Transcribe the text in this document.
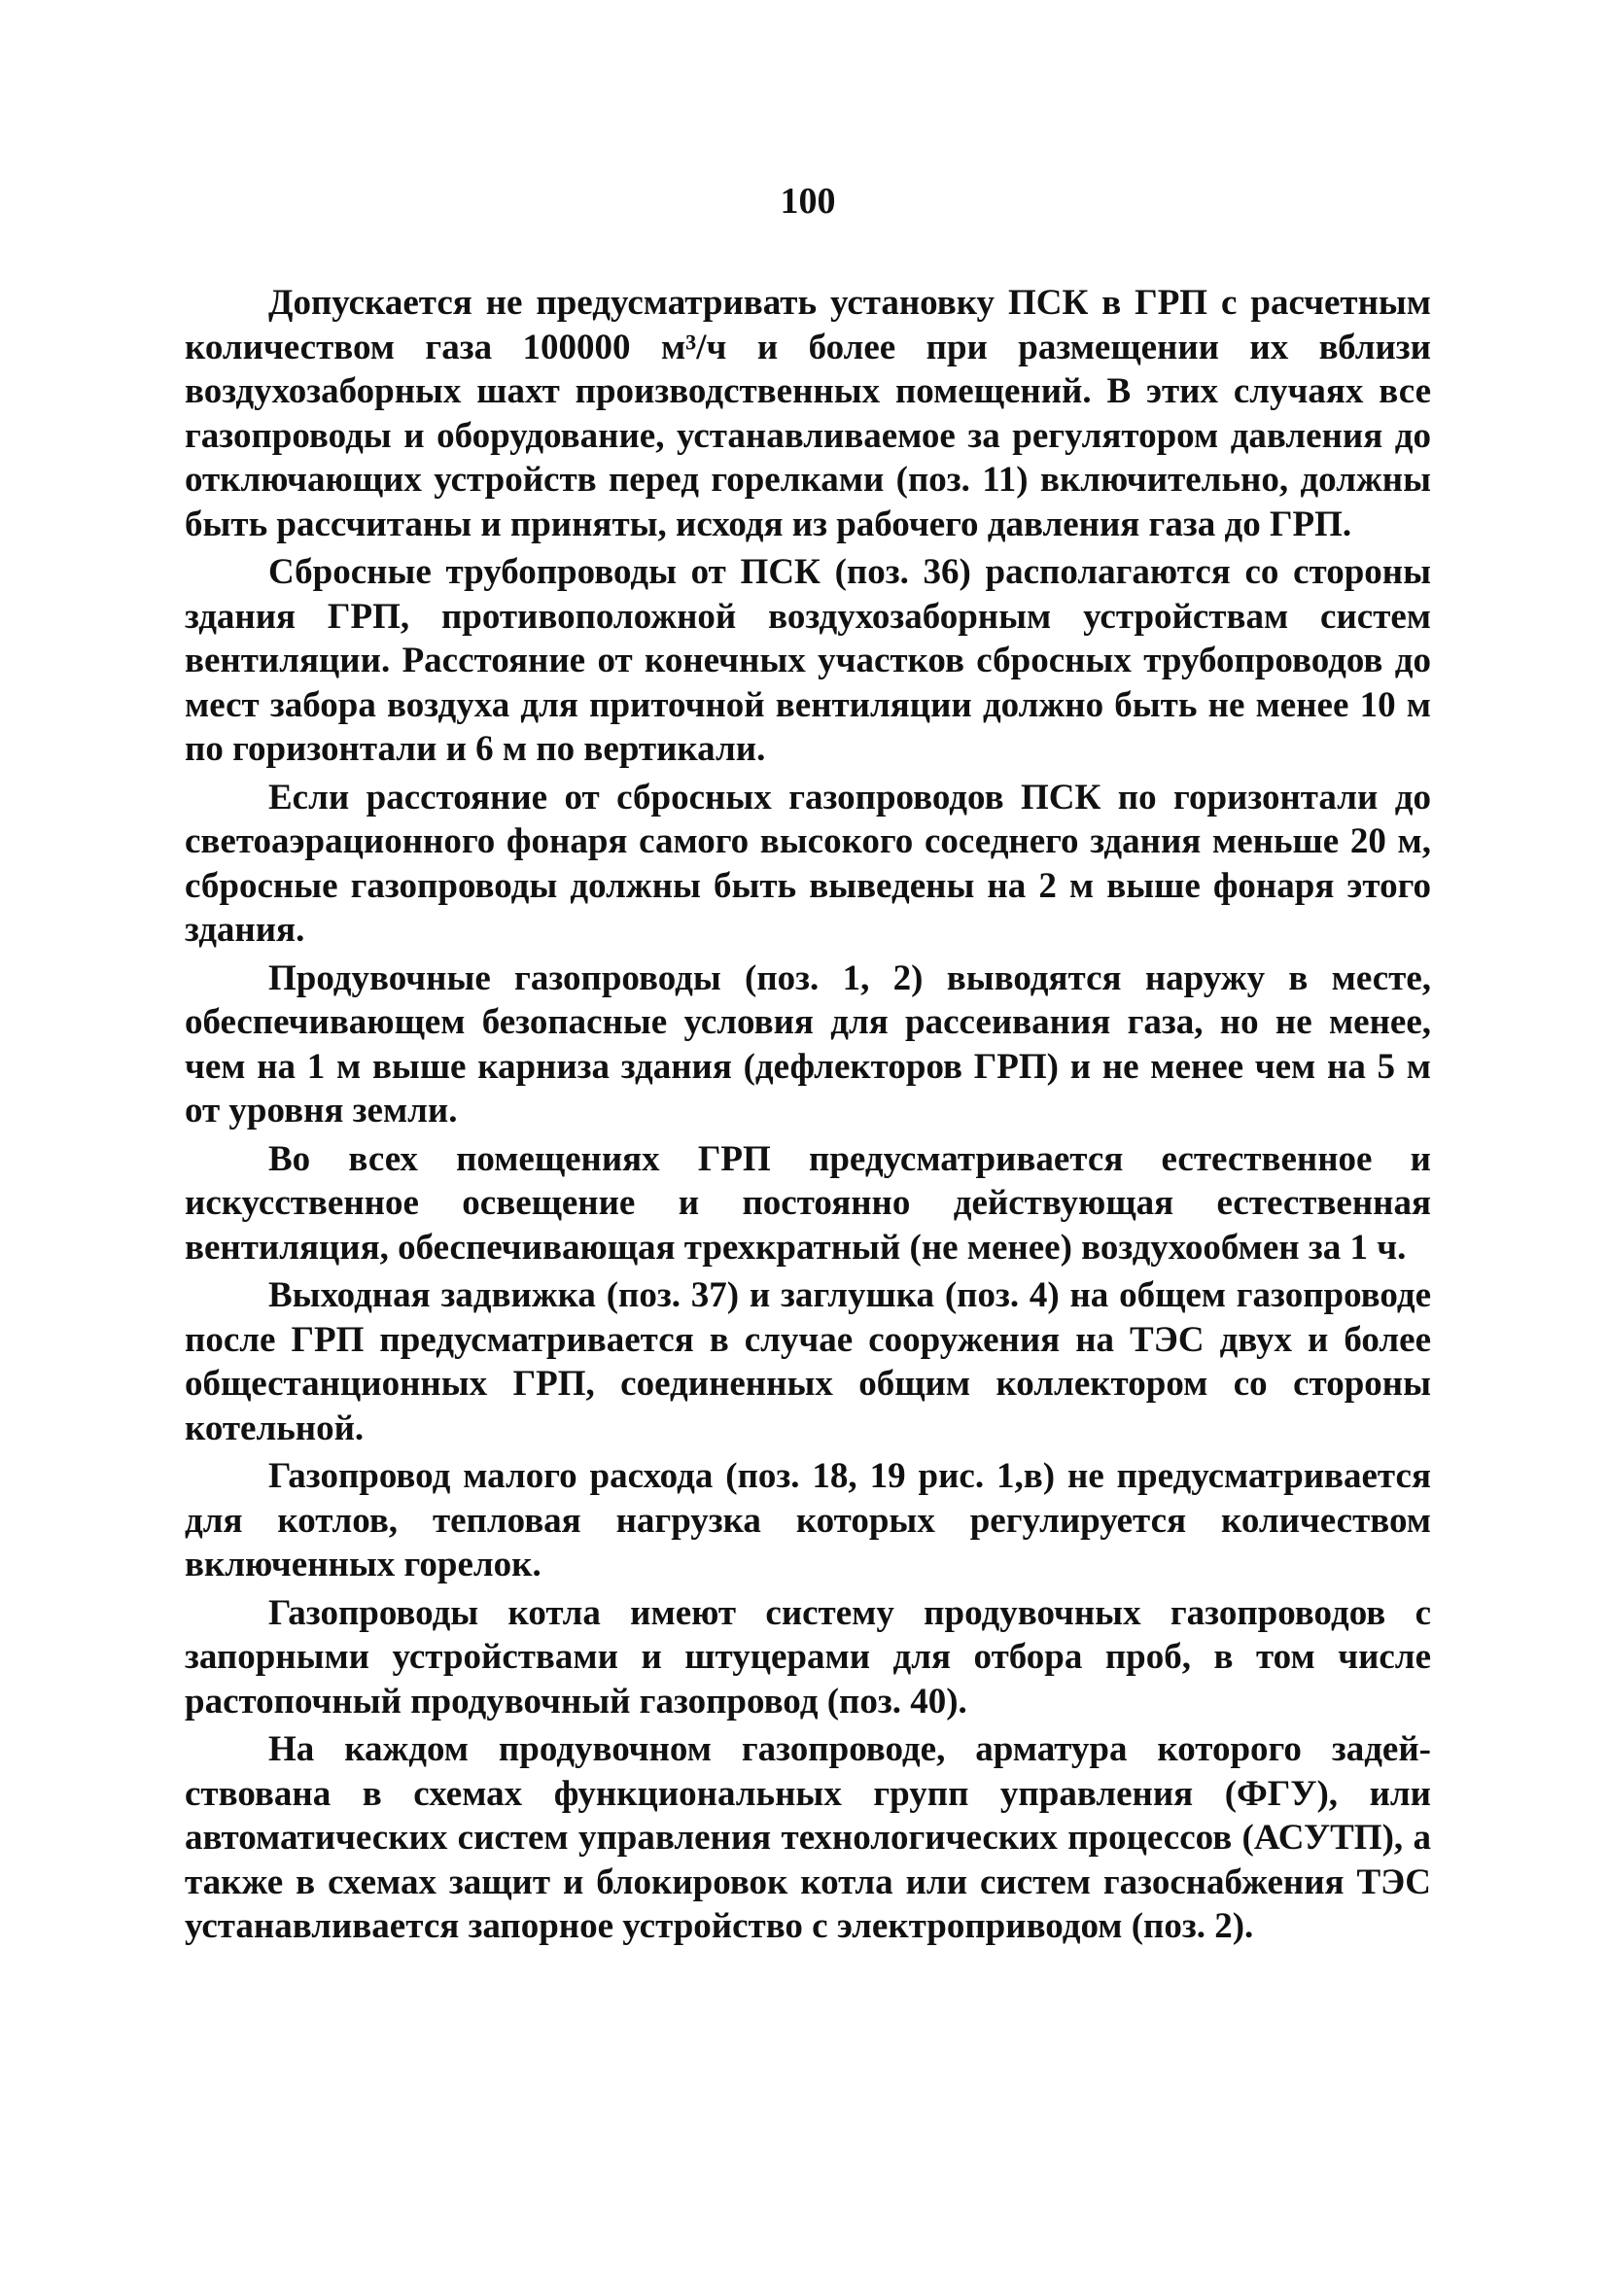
100

Допускается не предусматривать установку ПСК в ГРП с расчетным количеством газа 100000 м³/ч и более при размещении их вблизи воздухозаборных шахт производственных помещений. В этих случаях все газопроводы и оборудование, устанавливаемое за регулятором давления до отключающих устройств перед горелками (поз. 11) включительно, должны быть рассчитаны и приняты, исходя из рабочего давления газа до ГРП.

Сбросные трубопроводы от ПСК (поз. 36) располагаются со стороны здания ГРП, противоположной воздухозаборным устройствам систем вентиляции. Расстояние от конечных участков сбросных трубопроводов до мест забора воздуха для приточной вентиляции должно быть не менее 10 м по горизонтали и 6 м по вертикали.

Если расстояние от сбросных газопроводов ПСК по горизонтали до светоаэрационного фонаря самого высокого соседнего здания меньше 20 м, сбросные газопроводы должны быть выведены на 2 м выше фонаря этого здания.

Продувочные газопроводы (поз. 1, 2) выводятся наружу в месте, обеспечивающем безопасные условия для рассеивания газа, но не менее, чем на 1 м выше карниза здания (дефлекторов ГРП) и не менее чем на 5 м от уровня земли.

Во всех помещениях ГРП предусматривается естественное и искусственное освещение и постоянно действующая естественная вентиляция, обеспечивающая трехкратный (не менее) воздухообмен за 1 ч.

Выходная задвижка (поз. 37) и заглушка (поз. 4) на общем газопроводе после ГРП предусматривается в случае сооружения на ТЭС двух и более общестанционных ГРП, соединенных общим коллектором со стороны котельной.

Газопровод малого расхода (поз. 18, 19 рис. 1,в) не предусматривается для котлов, тепловая нагрузка которых регулируется количеством включенных горелок.

Газопроводы котла имеют систему продувочных газопроводов с запорными устройствами и штуцерами для отбора проб, в том числе растопочный продувочный газопровод (поз. 40).

На каждом продувочном газопроводе, арматура которого задействована в схемах функциональных групп управления (ФГУ), или автоматических систем управления технологических процессов (АСУТП), а также в схемах защит и блокировок котла или систем газоснабжения ТЭС устанавливается запорное устройство с электроприводом (поз. 2).
